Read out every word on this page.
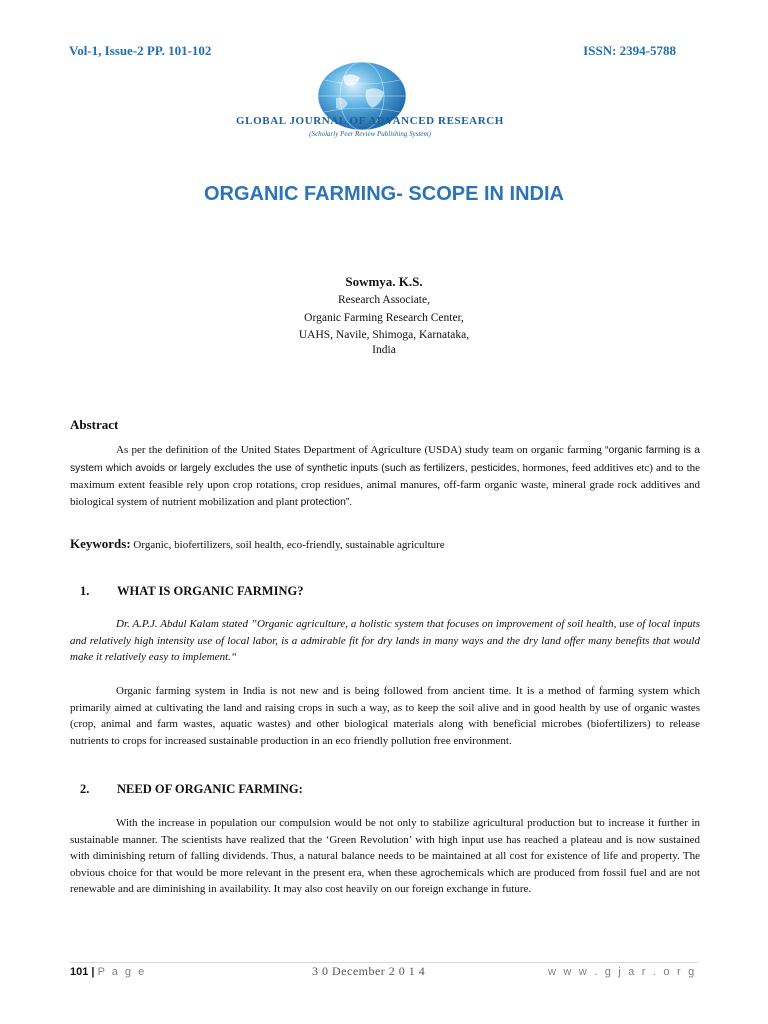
Vol-1, Issue-2 PP. 101-102	ISSN: 2394-5788
GLOBAL JOURNAL OF ADVANCED RESEARCH
(Scholarly Peer Review Publishing System)
ORGANIC FARMING- SCOPE IN INDIA
Sowmya. K.S.
Research Associate,
Organic Farming Research Center,
UAHS, Navile, Shimoga, Karnataka,
India
Abstract

As per the definition of the United States Department of Agriculture (USDA) study team on organic farming “organic farming is a system which avoids or largely excludes the use of synthetic inputs (such as fertilizers, pesticides, hormones, feed additives etc) and to the maximum extent feasible rely upon crop rotations, crop residues, animal manures, off-farm organic waste, mineral grade rock additives and biological system of nutrient mobilization and plant protection”.

Keywords: Organic, biofertilizers, soil health, eco-friendly, sustainable agriculture
1. WHAT IS ORGANIC FARMING?

Dr. A.P.J. Abdul Kalam stated ”Organic agriculture, a holistic system that focuses on improvement of soil health, use of local inputs and relatively high intensity use of local labor, is a admirable fit for dry lands in many ways and the dry land offer many benefits that would make it relatively easy to implement.“

Organic farming system in India is not new and is being followed from ancient time. It is a method of farming system which primarily aimed at cultivating the land and raising crops in such a way, as to keep the soil alive and in good health by use of organic wastes (crop, animal and farm wastes, aquatic wastes) and other biological materials along with beneficial microbes (biofertilizers) to release nutrients to crops for increased sustainable production in an eco friendly pollution free environment.

2. NEED OF ORGANIC FARMING:

With the increase in population our compulsion would be not only to stabilize agricultural production but to increase it further in sustainable manner. The scientists have realized that the ‘Green Revolution’ with high input use has reached a plateau and is now sustained with diminishing return of falling dividends. Thus, a natural balance needs to be maintained at all cost for existence of life and property. The obvious choice for that would be more relevant in the present era, when these agrochemicals which are produced from fossil fuel and are not renewable and are diminishing in availability. It may also cost heavily on our foreign exchange in future.

101 | P a g e	3 0 December 2 0 1 4	w w w . g j a r . o r g
